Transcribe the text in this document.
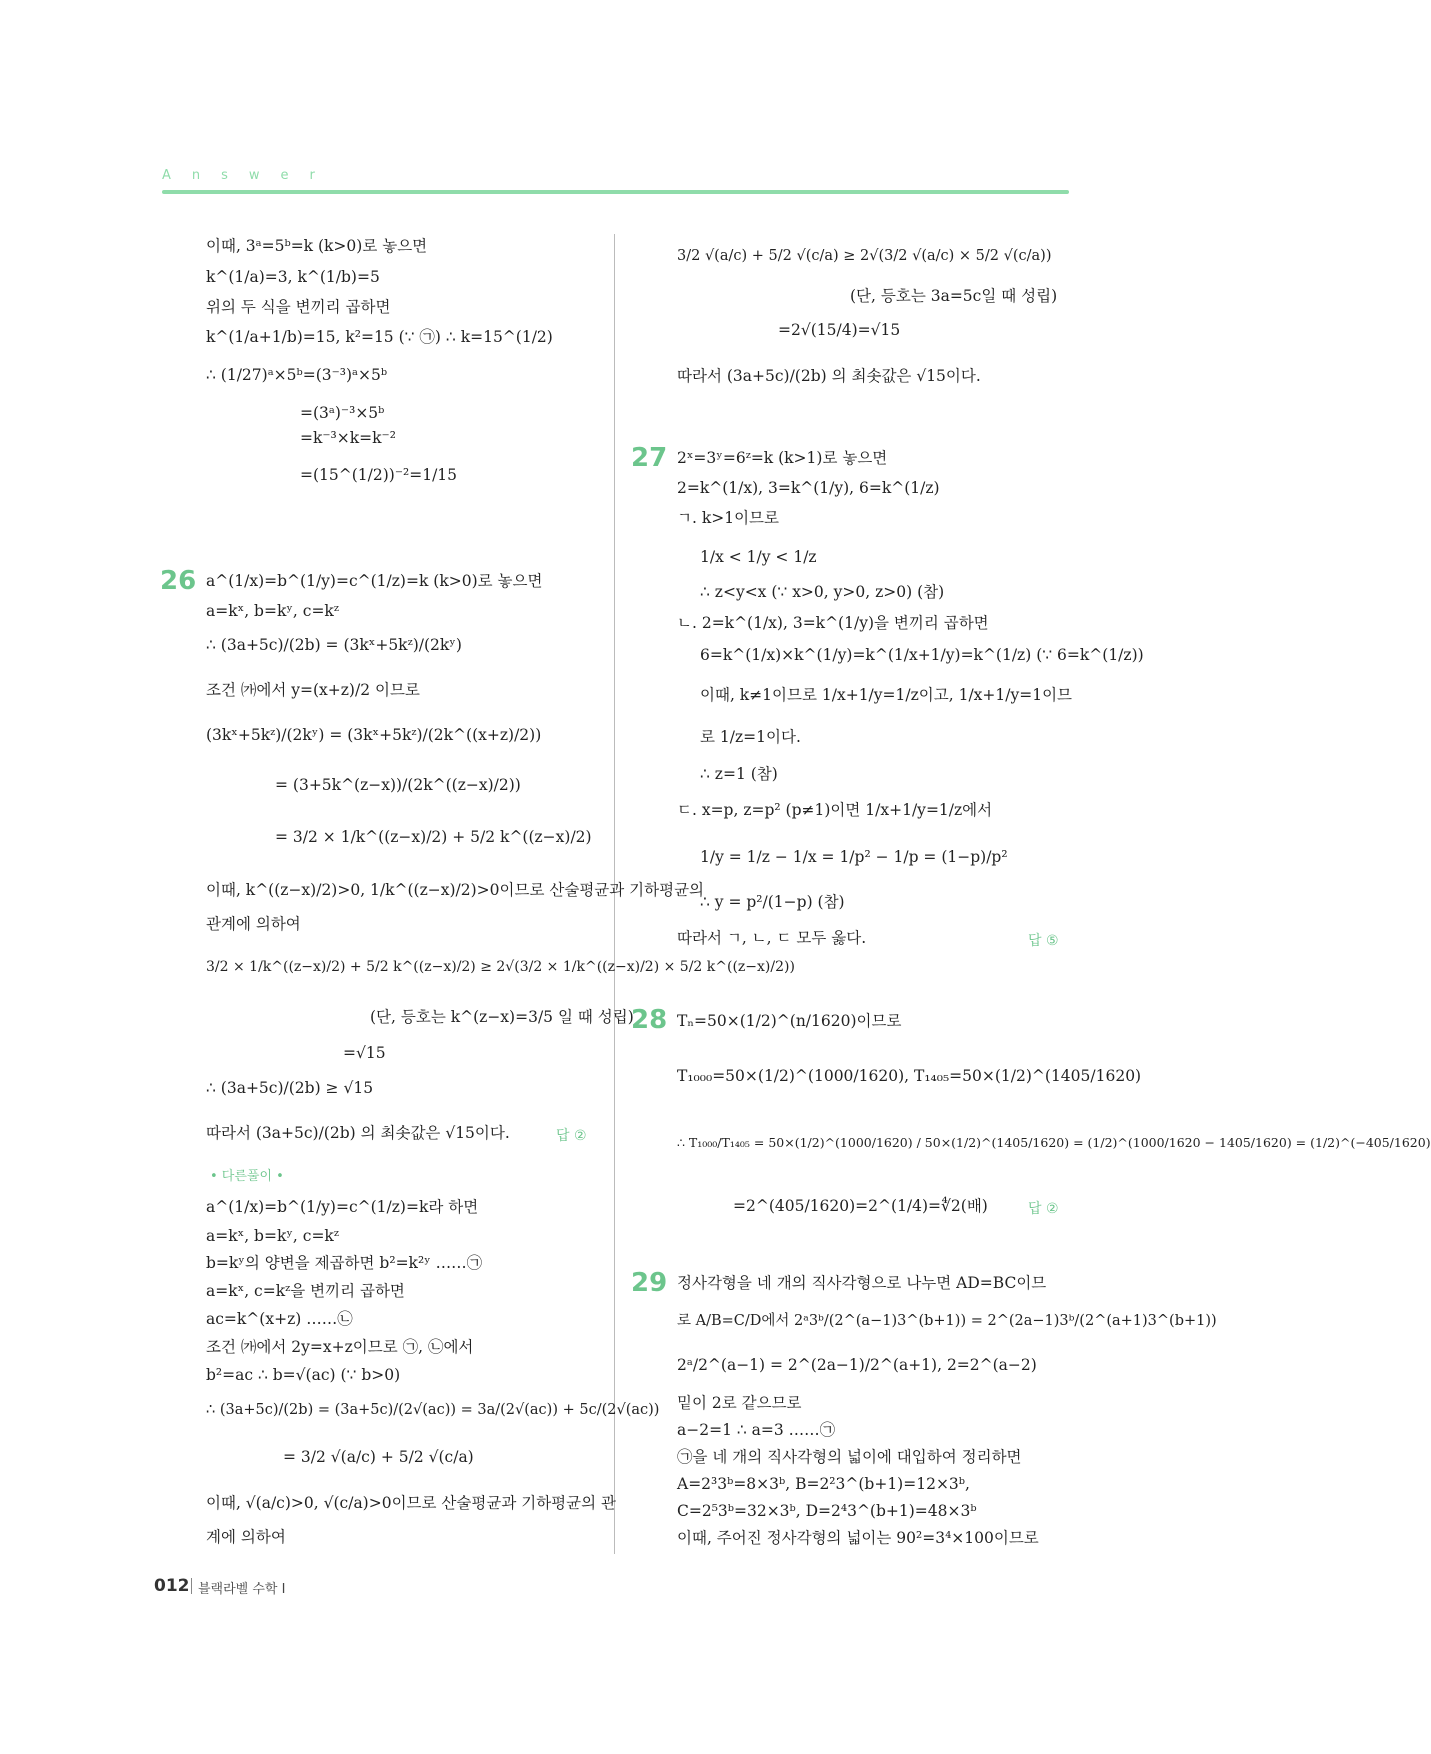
Answer
이때, 3ᵃ=5ᵇ=k (k>0)로 놓으면
k^(1/a)=3, k^(1/b)=5
위의 두 식을 변끼리 곱하면
k^(1/a+1/b)=15, k²=15 (∵ ㉠) ∴ k=15^(1/2)
∴ (1/27)ᵃ×5ᵇ=(3⁻³)ᵃ×5ᵇ
=(3ᵃ)⁻³×5ᵇ
=k⁻³×k=k⁻²
=(15^(1/2))⁻²=1/15
26 a^(1/x)=b^(1/y)=c^(1/z)=k (k>0)로 놓으면
a=kˣ, b=kʸ, c=kᶻ
∴ (3a+5c)/(2b) = (3kˣ+5kᶻ)/(2kʸ)
조건 ㈎에서 y=(x+z)/2 이므로
(3kˣ+5kᶻ)/(2kʸ) = (3kˣ+5kᶻ)/(2k^((x+z)/2))
= (3+5k^(z−x))/(2k^((z−x)/2))
= 3/2 × 1/k^((z−x)/2) + 5/2 k^((z−x)/2)
이때, k^((z−x)/2)>0, 1/k^((z−x)/2)>0이므로 산술평균과 기하평균의
관계에 의하여
3/2 × 1/k^((z−x)/2) + 5/2 k^((z−x)/2) ≥ 2√(3/2 × 1/k^((z−x)/2) × 5/2 k^((z−x)/2))
(단, 등호는 k^(z−x)=3/5 일 때 성립)
=√15
∴ (3a+5c)/(2b) ≥ √15
따라서 (3a+5c)/(2b) 의 최솟값은 √15이다.	답 ②
• 다른풀이 •
a^(1/x)=b^(1/y)=c^(1/z)=k라 하면
a=kˣ, b=kʸ, c=kᶻ
b=kʸ의 양변을 제곱하면 b²=k²ʸ ……㉠
a=kˣ, c=kᶻ을 변끼리 곱하면
ac=k^(x+z) ……㉡
조건 ㈎에서 2y=x+z이므로 ㉠, ㉡에서
b²=ac ∴ b=√(ac) (∵ b>0)
∴ (3a+5c)/(2b) = (3a+5c)/(2√(ac)) = 3a/(2√(ac)) + 5c/(2√(ac))
= 3/2 √(a/c) + 5/2 √(c/a)
이때, √(a/c)>0, √(c/a)>0이므로 산술평균과 기하평균의 관
계에 의하여
3/2 √(a/c) + 5/2 √(c/a) ≥ 2√(3/2 √(a/c) × 5/2 √(c/a))
(단, 등호는 3a=5c일 때 성립)
=2√(15/4)=√15
따라서 (3a+5c)/(2b) 의 최솟값은 √15이다.
27 2ˣ=3ʸ=6ᶻ=k (k>1)로 놓으면
2=k^(1/x), 3=k^(1/y), 6=k^(1/z)
ㄱ. k>1이므로
1/x < 1/y < 1/z
∴ z<y<x (∵ x>0, y>0, z>0) (참)
ㄴ. 2=k^(1/x), 3=k^(1/y)을 변끼리 곱하면
6=k^(1/x)×k^(1/y)=k^(1/x+1/y)=k^(1/z) (∵ 6=k^(1/z))
이때, k≠1이므로 1/x+1/y=1/z이고, 1/x+1/y=1이므
로 1/z=1이다.
∴ z=1 (참)
ㄷ. x=p, z=p² (p≠1)이면 1/x+1/y=1/z에서
1/y = 1/z − 1/x = 1/p² − 1/p = (1−p)/p²
∴ y = p²/(1−p) (참)
따라서 ㄱ, ㄴ, ㄷ 모두 옳다.	답 ⑤
28 Tₙ=50×(1/2)^(n/1620)이므로
T₁₀₀₀=50×(1/2)^(1000/1620), T₁₄₀₅=50×(1/2)^(1405/1620)
∴ T₁₀₀₀/T₁₄₀₅ = 50×(1/2)^(1000/1620) / 50×(1/2)^(1405/1620) = (1/2)^(1000/1620 − 1405/1620) = (1/2)^(−405/1620)
=2^(405/1620)=2^(1/4)=∜2(배)	답 ②
29 정사각형을 네 개의 직사각형으로 나누면 AD=BC이므
로 A/B=C/D에서 2ᵃ3ᵇ/(2^(a−1)3^(b+1)) = 2^(2a−1)3ᵇ/(2^(a+1)3^(b+1))
2ᵃ/2^(a−1) = 2^(2a−1)/2^(a+1), 2=2^(a−2)
밑이 2로 같으므로
a−2=1 ∴ a=3 ……㉠
㉠을 네 개의 직사각형의 넓이에 대입하여 정리하면
A=2³3ᵇ=8×3ᵇ, B=2²3^(b+1)=12×3ᵇ,
C=2⁵3ᵇ=32×3ᵇ, D=2⁴3^(b+1)=48×3ᵇ
이때, 주어진 정사각형의 넓이는 90²=3⁴×100이므로
012 블랙라벨 수학 I
